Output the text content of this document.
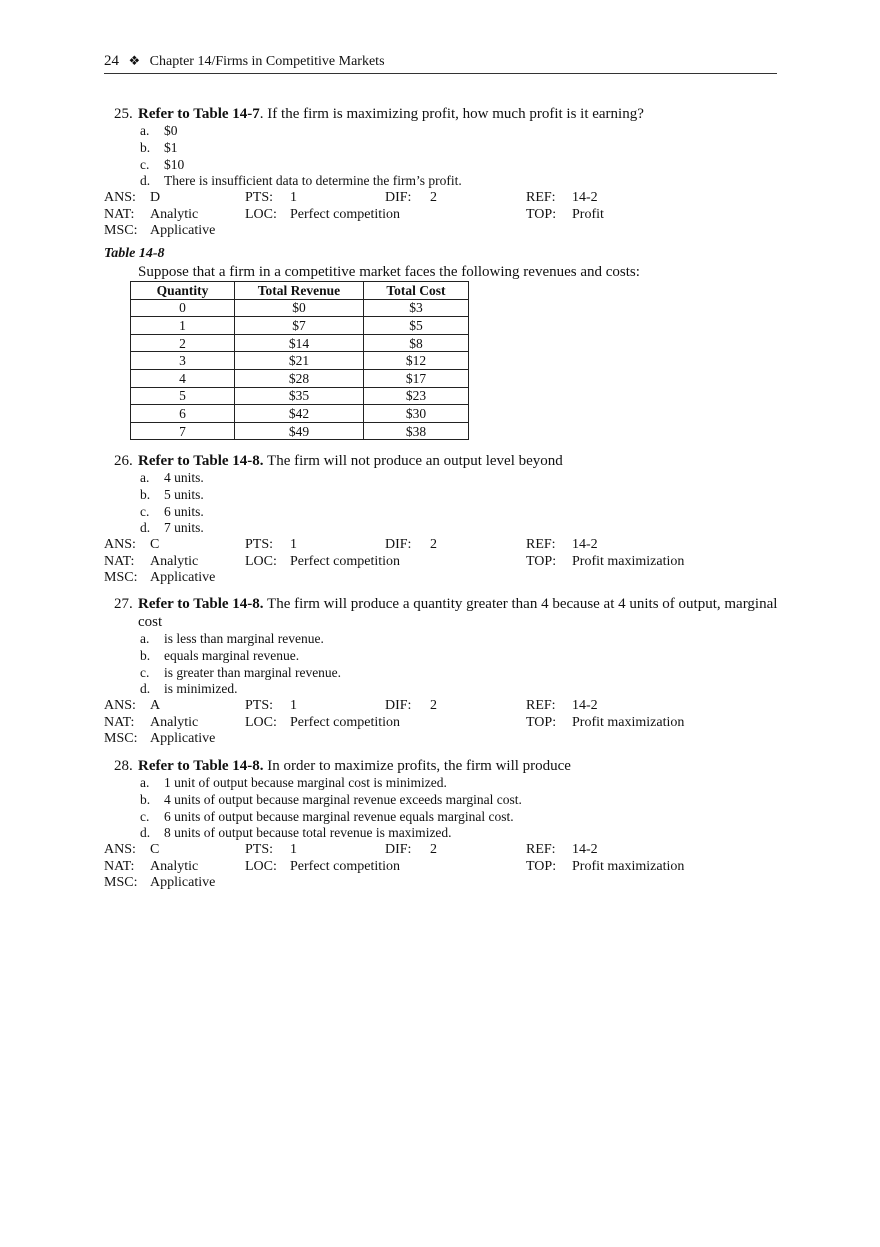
24 ❖ Chapter 14/Firms in Competitive Markets
25. Refer to Table 14-7. If the firm is maximizing profit, how much profit is it earning?
a. $0
b. $1
c. $10
d. There is insufficient data to determine the firm’s profit.
ANS: D	PTS: 1	DIF: 2	REF: 14-2
NAT: Analytic	LOC: Perfect competition	TOP: Profit
MSC: Applicative
Table 14-8
Suppose that a firm in a competitive market faces the following revenues and costs:
Quantity	Total Revenue	Total Cost
0	$0	$3
1	$7	$5
2	$14	$8
3	$21	$12
4	$28	$17
5	$35	$23
6	$42	$30
7	$49	$38
26. Refer to Table 14-8. The firm will not produce an output level beyond
a. 4 units.
b. 5 units.
c. 6 units.
d. 7 units.
ANS: C	PTS: 1	DIF: 2	REF: 14-2
NAT: Analytic	LOC: Perfect competition	TOP: Profit maximization
MSC: Applicative
27. Refer to Table 14-8. The firm will produce a quantity greater than 4 because at 4 units of output, marginal cost
a. is less than marginal revenue.
b. equals marginal revenue.
c. is greater than marginal revenue.
d. is minimized.
ANS: A	PTS: 1	DIF: 2	REF: 14-2
NAT: Analytic	LOC: Perfect competition	TOP: Profit maximization
MSC: Applicative
28. Refer to Table 14-8. In order to maximize profits, the firm will produce
a. 1 unit of output because marginal cost is minimized.
b. 4 units of output because marginal revenue exceeds marginal cost.
c. 6 units of output because marginal revenue equals marginal cost.
d. 8 units of output because total revenue is maximized.
ANS: C	PTS: 1	DIF: 2	REF: 14-2
NAT: Analytic	LOC: Perfect competition	TOP: Profit maximization
MSC: Applicative
